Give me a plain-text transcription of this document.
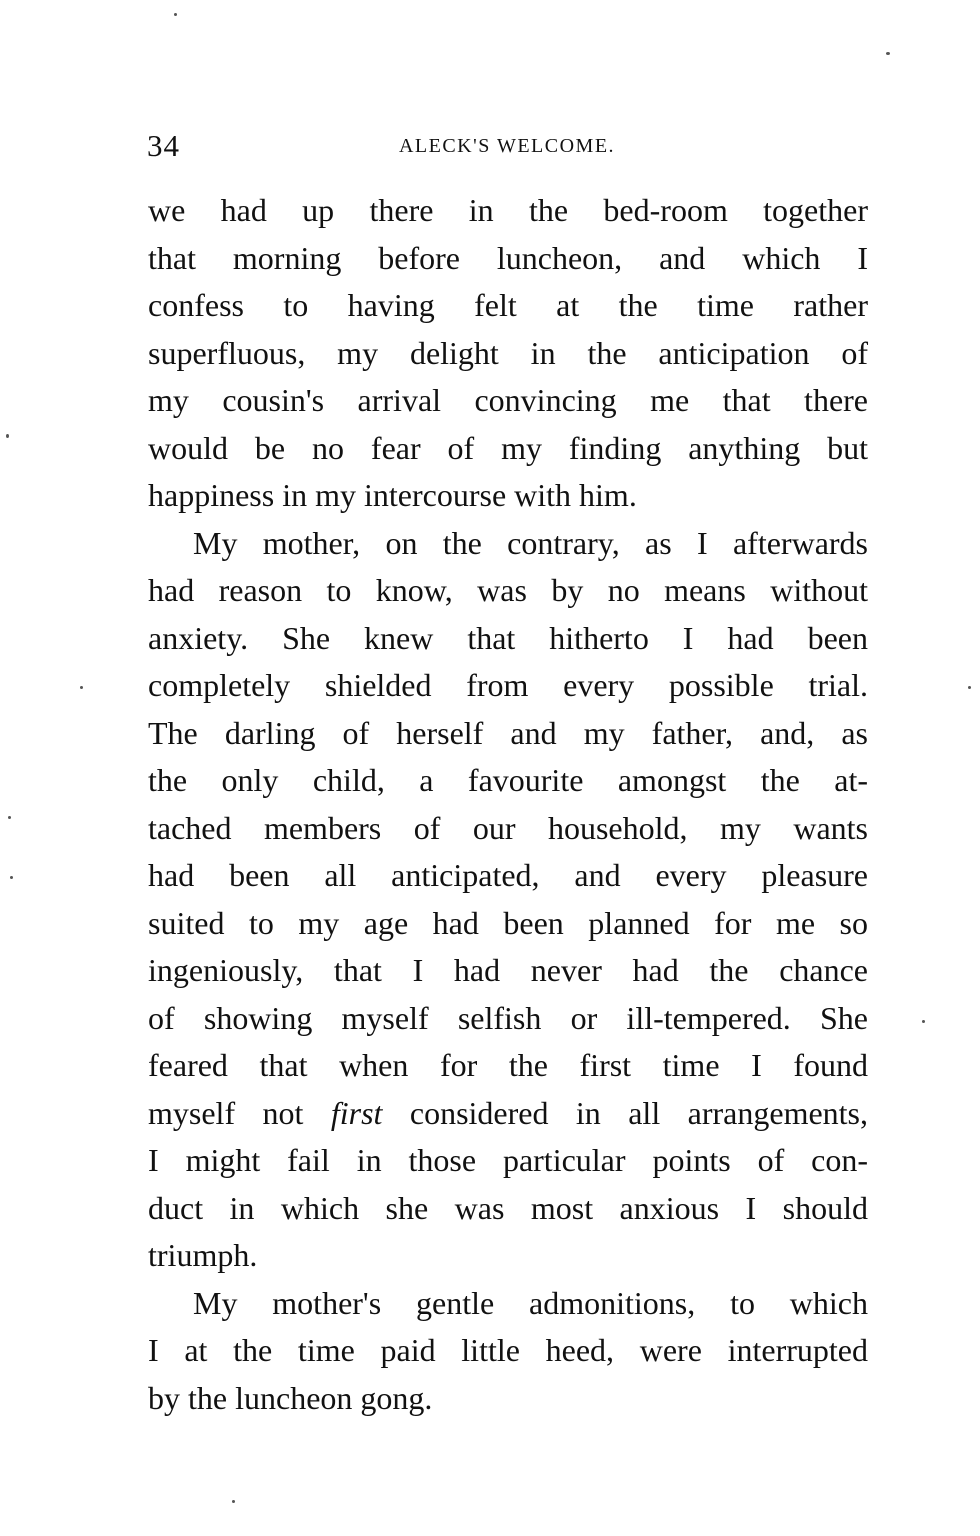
34	ALECK'S WELCOME.
we had up there in the bed-room together
that morning before luncheon, and which I
confess to having felt at the time rather
superfluous, my delight in the anticipation of
my cousin's arrival convincing me that there
would be no fear of my finding anything but
happiness in my intercourse with him.
My mother, on the contrary, as I afterwards
had reason to know, was by no means without
anxiety. She knew that hitherto I had been
completely shielded from every possible trial.
The darling of herself and my father, and, as
the only child, a favourite amongst the at-
tached members of our household, my wants
had been all anticipated, and every pleasure
suited to my age had been planned for me so
ingeniously, that I had never had the chance
of showing myself selfish or ill-tempered. She
feared that when for the first time I found
myself not first considered in all arrangements,
I might fail in those particular points of con-
duct in which she was most anxious I should
triumph.
My mother's gentle admonitions, to which
I at the time paid little heed, were interrupted
by the luncheon gong.
